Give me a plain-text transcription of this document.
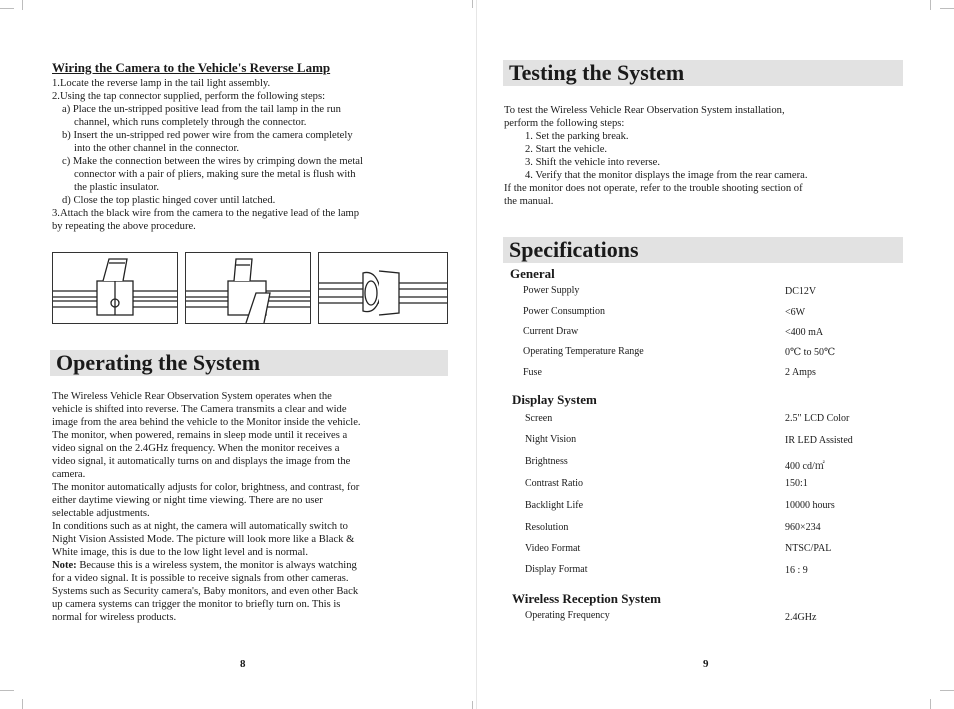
Wiring the Camera to the Vehicle's Reverse Lamp

1.Locate the reverse lamp in the tail light assembly.

2.Using the tap connector supplied, perform the following steps:

a) Place the un-stripped positive lead from the tail lamp in the run

channel, which runs completely through the connector.

b) Insert the un-stripped red power wire from the camera completely

into the other channel in the connector.

c) Make the connection between the wires by crimping down the metal

connector with a pair of pliers, making sure the metal is flush with

the plastic insulator.

d) Close the top plastic hinged cover until latched.

3.Attach the black wire from the camera to the negative lead of the lamp

by repeating the above procedure.

Operating the System

The Wireless Vehicle Rear Observation System operates when the

vehicle is shifted into reverse. The Camera transmits a clear and wide

image from the area behind the vehicle to the Monitor inside the vehicle.

The monitor, when powered, remains in sleep mode until it receives a

video signal on the 2.4GHz frequency. When the monitor receives a

video signal, it automatically turns on and displays the image from the

camera.

The monitor automatically adjusts for color, brightness, and contrast, for

either daytime viewing or night time viewing. There are no user

selectable adjustments.

In conditions such as at night, the camera will automatically switch to

Night Vision Assisted Mode. The picture will look more like a Black &

White image, this is due to the low light level and is normal.

Note: Because this is a wireless system, the monitor is always watching

for a video signal. It is possible to receive signals from other cameras.

Systems such as Security camera's, Baby monitors, and even other Back

up camera systems can trigger the monitor to briefly turn on. This is

normal for wireless products.

8
Testing the System

To test the Wireless Vehicle Rear Observation System installation,

perform the following steps:

1. Set the parking break.

2. Start the vehicle.

3. Shift the vehicle into reverse.

4. Verify that the monitor displays the image from the rear camera.

If the monitor does not operate, refer to the trouble shooting section of

the manual.

Specifications
General
Power Supply	DC12V
Power Consumption	<6W
Current Draw	<400 mA
Operating Temperature Range	0℃ to 50℃
Fuse	2 Amps
Display System
Screen	2.5" LCD Color
Night Vision	IR LED Assisted
Brightness	400 cd/㎡
Contrast Ratio	150:1
Backlight Life	10000 hours
Resolution	960×234
Video Format	NTSC/PAL
Display Format	16 : 9
Wireless Reception System
Operating Frequency	2.4GHz
9
